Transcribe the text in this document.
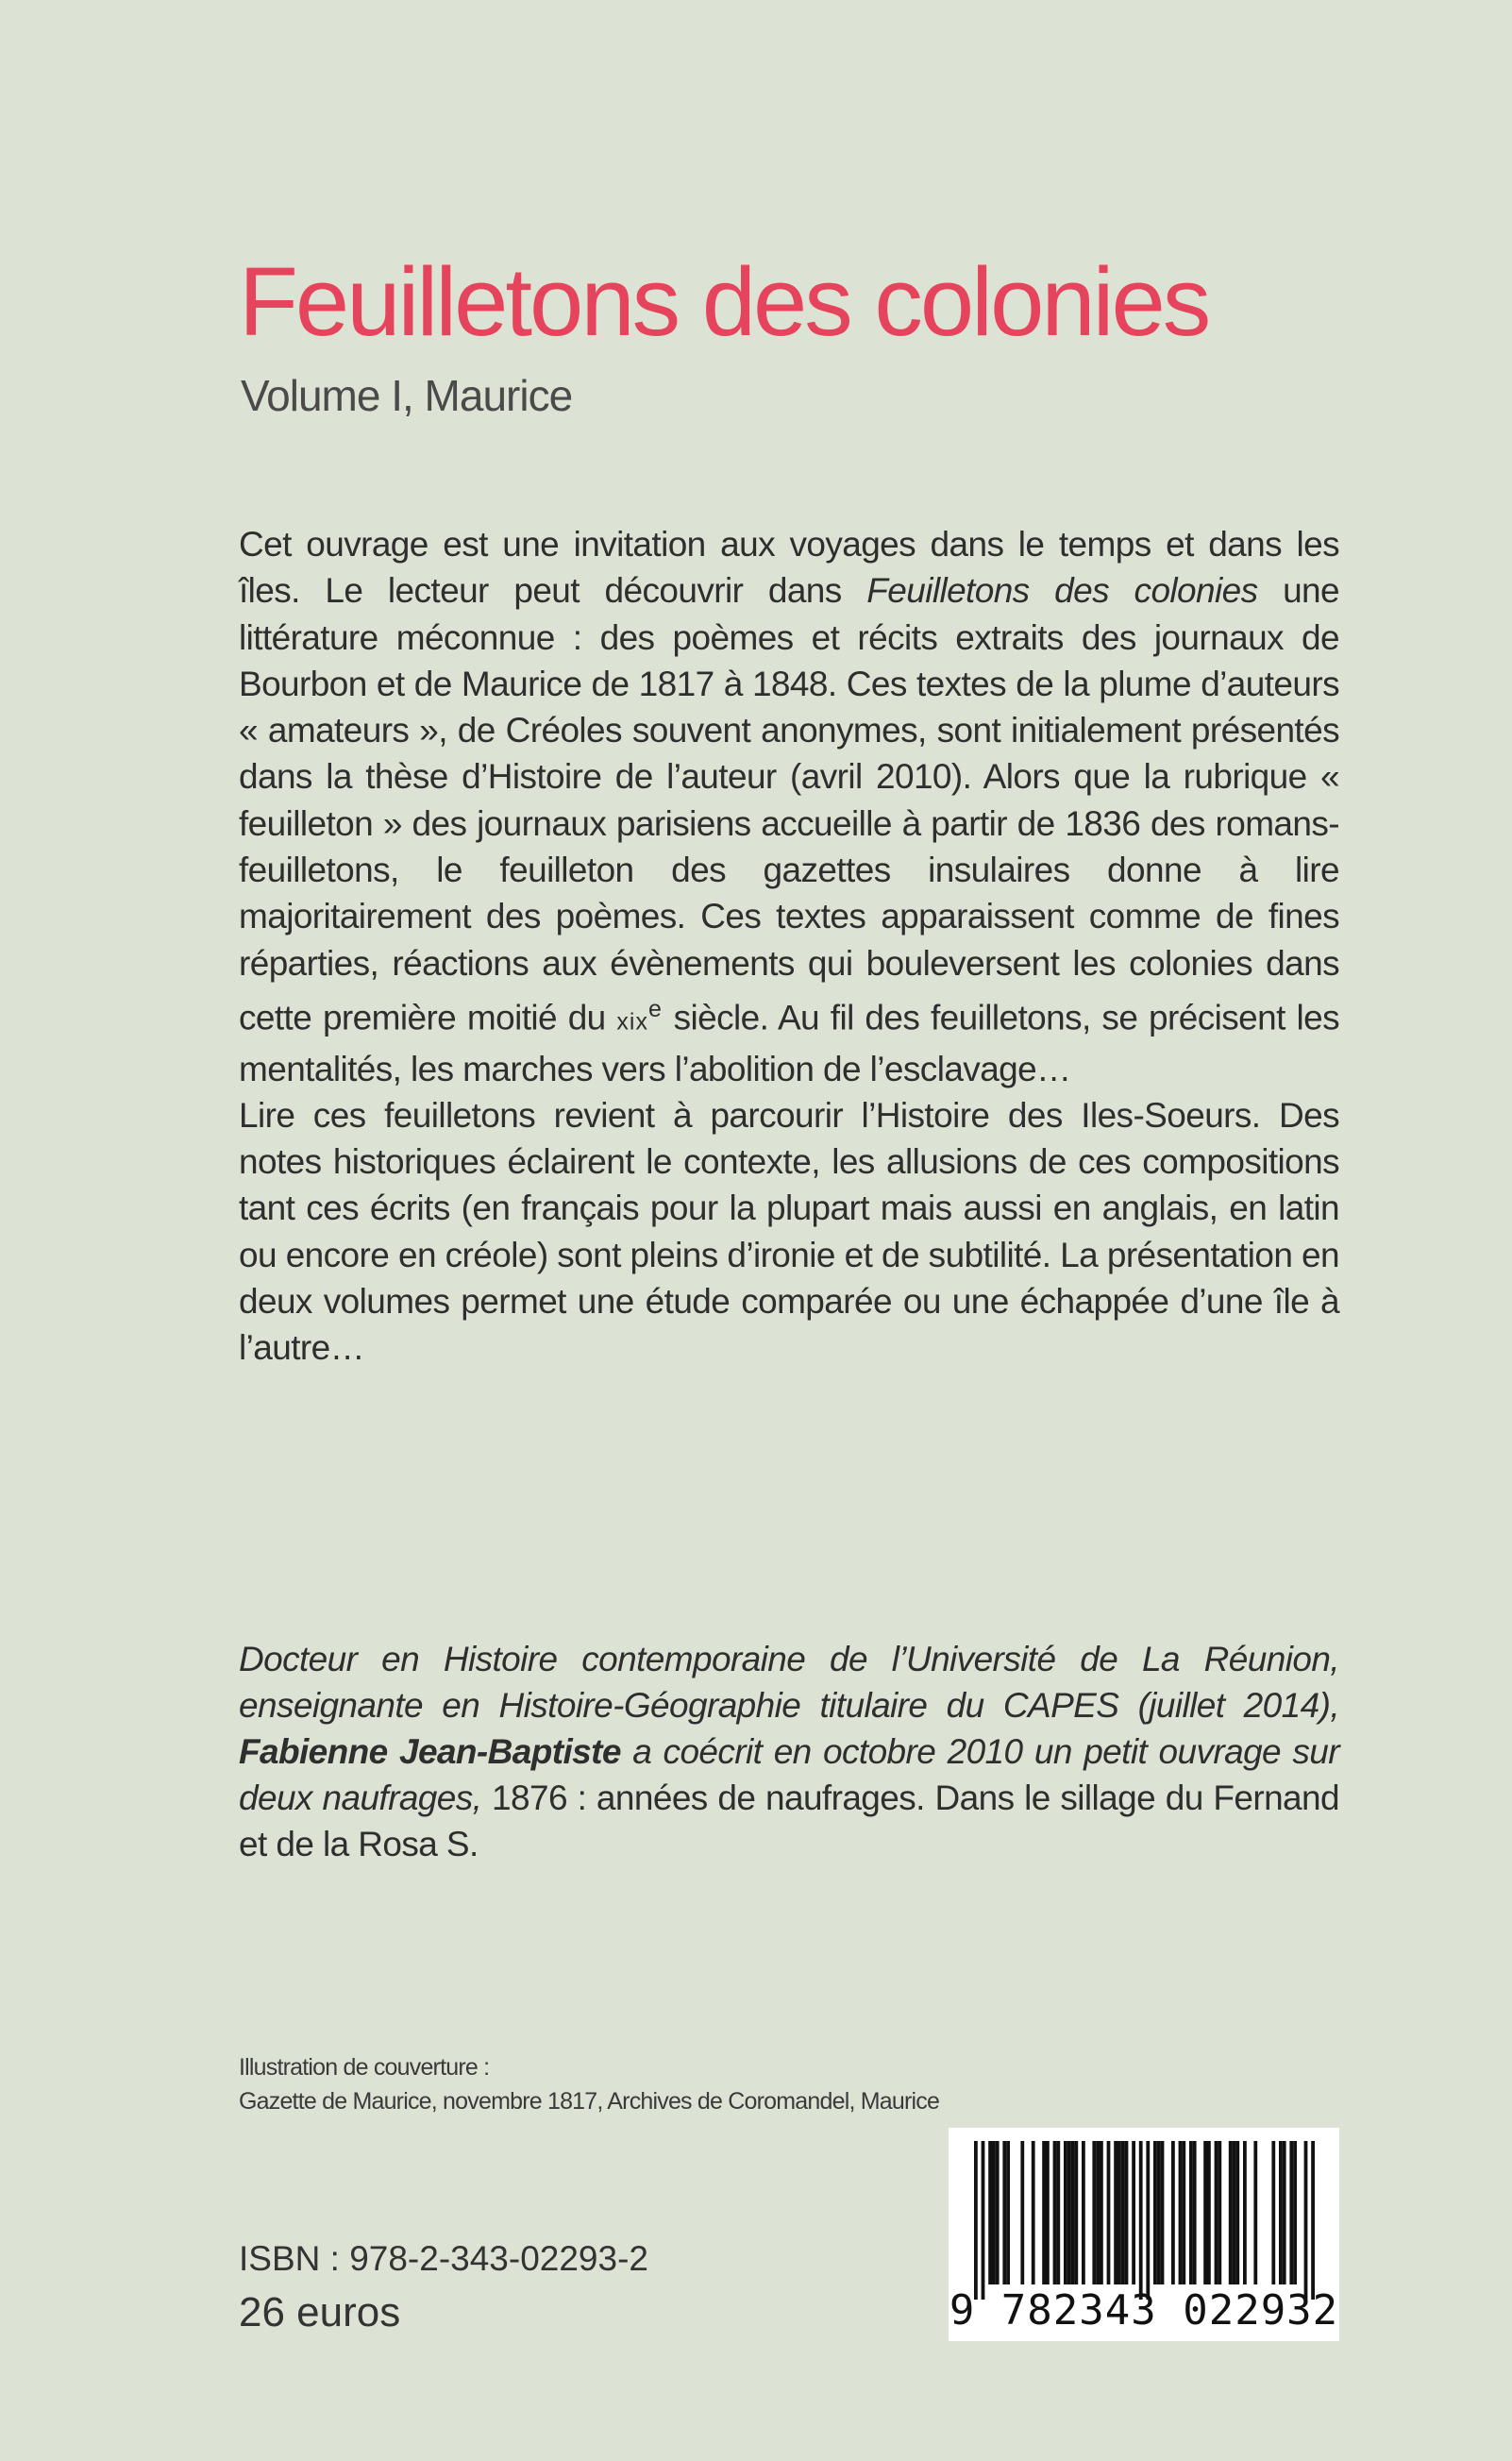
Feuilletons des colonies
Volume I, Maurice

Cet ouvrage est une invitation aux voyages dans le temps et dans les îles. Le lecteur peut découvrir dans Feuilletons des colonies une littérature méconnue : des poèmes et récits extraits des journaux de Bourbon et de Maurice de 1817 à 1848. Ces textes de la plume d’auteurs « amateurs », de Créoles souvent anonymes, sont initialement présentés dans la thèse d’Histoire de l’auteur (avril 2010). Alors que la rubrique « feuilleton » des journaux parisiens accueille à partir de 1836 des romans-feuilletons, le feuilleton des gazettes insulaires donne à lire majoritairement des poèmes. Ces textes apparaissent comme de fines réparties, réactions aux évènements qui bouleversent les colonies dans cette première moitié du xix$^e$ siècle. Au fil des feuilletons, se précisent les mentalités, les marches vers l’abolition de l’esclavage…

Lire ces feuilletons revient à parcourir l’Histoire des Iles-Soeurs. Des notes historiques éclairent le contexte, les allusions de ces compositions tant ces écrits (en français pour la plupart mais aussi en anglais, en latin ou encore en créole) sont pleins d’ironie et de subtilité. La présentation en deux volumes permet une étude comparée ou une échappée d’une île à l’autre…

Docteur en Histoire contemporaine de l’Université de La Réunion, enseignante en Histoire-Géographie titulaire du CAPES (juillet 2014), Fabienne Jean-Baptiste a coécrit en octobre 2010 un petit ouvrage sur deux naufrages, 1876 : années de naufrages. Dans le sillage du Fernand et de la Rosa S.

Illustration de couverture :
Gazette de Maurice, novembre 1817, Archives de Coromandel, Maurice
ISBN : 978-2-343-02293-2
26 euros	9 782343 022932
